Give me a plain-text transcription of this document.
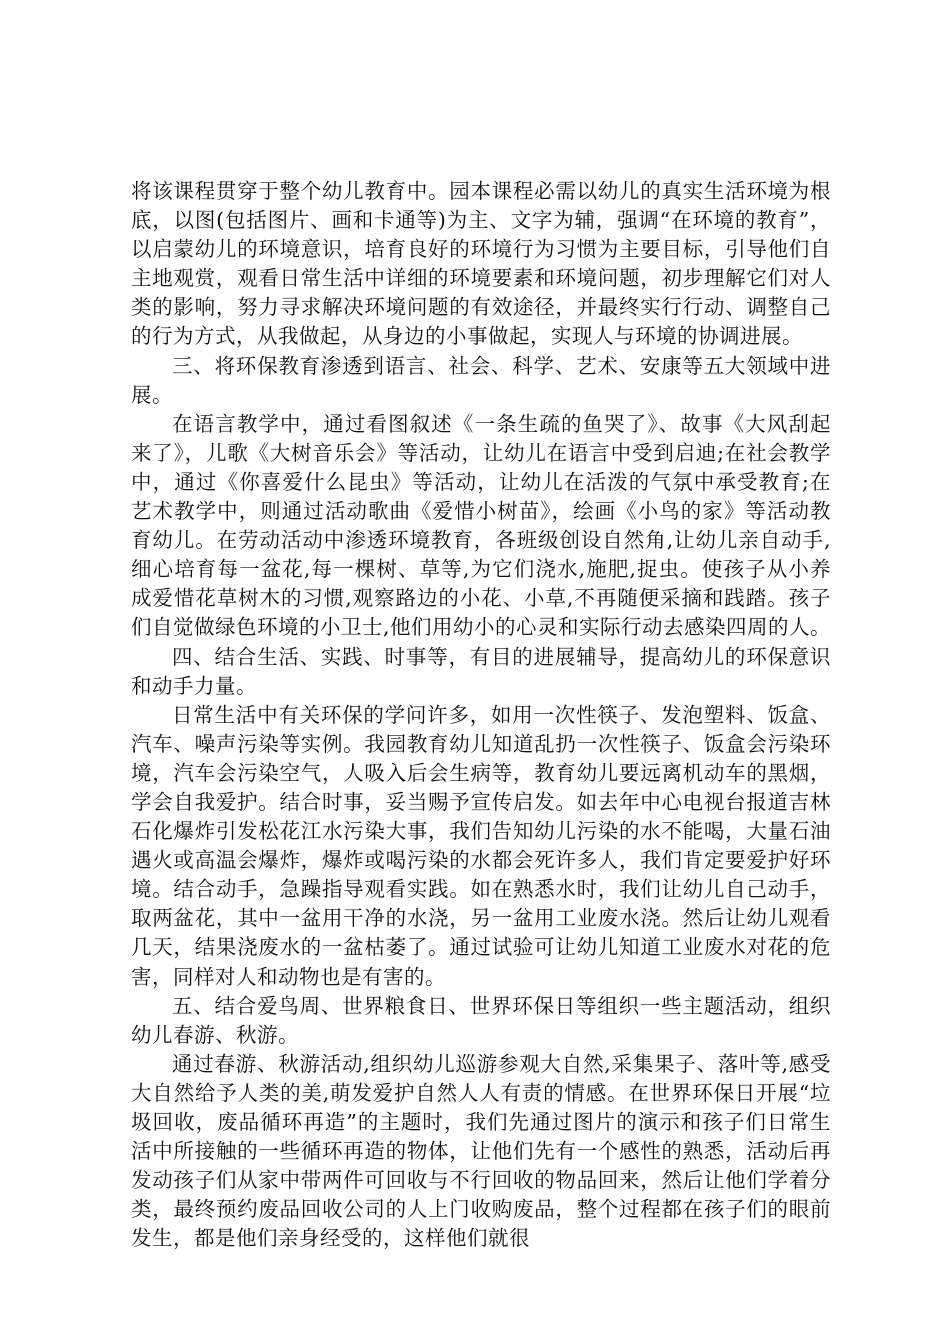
将该课程贯穿于整个幼儿教育中。园本课程必需以幼儿的真实生活环境为根底，以图(包括图片、画和卡通等)为主、文字为辅，强调“在环境的教育”，以启蒙幼儿的环境意识，培育良好的环境行为习惯为主要目标，引导他们自主地观赏，观看日常生活中详细的环境要素和环境问题，初步理解它们对人类的影响，努力寻求解决环境问题的有效途径，并最终实行行动、调整自己的行为方式，从我做起，从身边的小事做起，实现人与环境的协调进展。

三、将环保教育渗透到语言、社会、科学、艺术、安康等五大领域中进展。

在语言教学中，通过看图叙述《一条生疏的鱼哭了》、故事《大风刮起来了》，儿歌《大树音乐会》等活动，让幼儿在语言中受到启迪;在社会教学中，通过《你喜爱什么昆虫》等活动，让幼儿在活泼的气氛中承受教育;在艺术教学中，则通过活动歌曲《爱惜小树苗》，绘画《小鸟的家》等活动教育幼儿。在劳动活动中渗透环境教育，各班级创设自然角,让幼儿亲自动手,细心培育每一盆花,每一棵树、草等,为它们浇水,施肥,捉虫。使孩子从小养成爱惜花草树木的习惯,观察路边的小花、小草,不再随便采摘和践踏。孩子们自觉做绿色环境的小卫士,他们用幼小的心灵和实际行动去感染四周的人。

四、结合生活、实践、时事等，有目的进展辅导，提高幼儿的环保意识和动手力量。

日常生活中有关环保的学问许多，如用一次性筷子、发泡塑料、饭盒、汽车、噪声污染等实例。我园教育幼儿知道乱扔一次性筷子、饭盒会污染环境，汽车会污染空气，人吸入后会生病等，教育幼儿要远离机动车的黑烟，学会自我爱护。结合时事，妥当赐予宣传启发。如去年中心电视台报道吉林石化爆炸引发松花江水污染大事，我们告知幼儿污染的水不能喝，大量石油遇火或高温会爆炸，爆炸或喝污染的水都会死许多人，我们肯定要爱护好环境。结合动手，急躁指导观看实践。如在熟悉水时，我们让幼儿自己动手，取两盆花，其中一盆用干净的水浇，另一盆用工业废水浇。然后让幼儿观看几天，结果浇废水的一盆枯萎了。通过试验可让幼儿知道工业废水对花的危害，同样对人和动物也是有害的。

五、结合爱鸟周、世界粮食日、世界环保日等组织一些主题活动，组织幼儿春游、秋游。

通过春游、秋游活动,组织幼儿巡游参观大自然,采集果子、落叶等,感受大自然给予人类的美,萌发爱护自然人人有责的情感。在世界环保日开展“垃圾回收，废品循环再造”的主题时，我们先通过图片的演示和孩子们日常生活中所接触的一些循环再造的物体，让他们先有一个感性的熟悉，活动后再发动孩子们从家中带两件可回收与不行回收的物品回来，然后让他们学着分类，最终预约废品回收公司的人上门收购废品，整个过程都在孩子们的眼前发生，都是他们亲身经受的，这样他们就很
